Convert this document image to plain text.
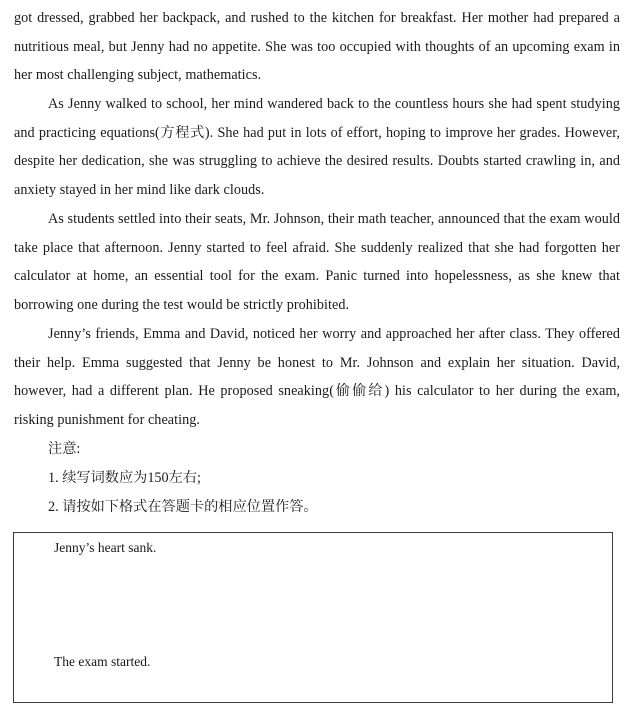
got dressed, grabbed her backpack, and rushed to the kitchen for breakfast. Her mother had prepared a nutritious meal, but Jenny had no appetite. She was too occupied with thoughts of an upcoming exam in her most challenging subject, mathematics.

As Jenny walked to school, her mind wandered back to the countless hours she had spent studying and practicing equations(方程式). She had put in lots of effort, hoping to improve her grades. However, despite her dedication, she was struggling to achieve the desired results. Doubts started crawling in, and anxiety stayed in her mind like dark clouds.

As students settled into their seats, Mr. Johnson, their math teacher, announced that the exam would take place that afternoon. Jenny started to feel afraid. She suddenly realized that she had forgotten her calculator at home, an essential tool for the exam. Panic turned into hopelessness, as she knew that borrowing one during the test would be strictly prohibited.

Jenny’s friends, Emma and David, noticed her worry and approached her after class. They offered their help. Emma suggested that Jenny be honest to Mr. Johnson and explain her situation. David, however, had a different plan. He proposed sneaking(偷偷给) his calculator to her during the exam, risking punishment for cheating.

注意:
1. 续写词数应为150左右;
2. 请按如下格式在答题卡的相应位置作答。
Jenny’s heart sank.
The exam started.
